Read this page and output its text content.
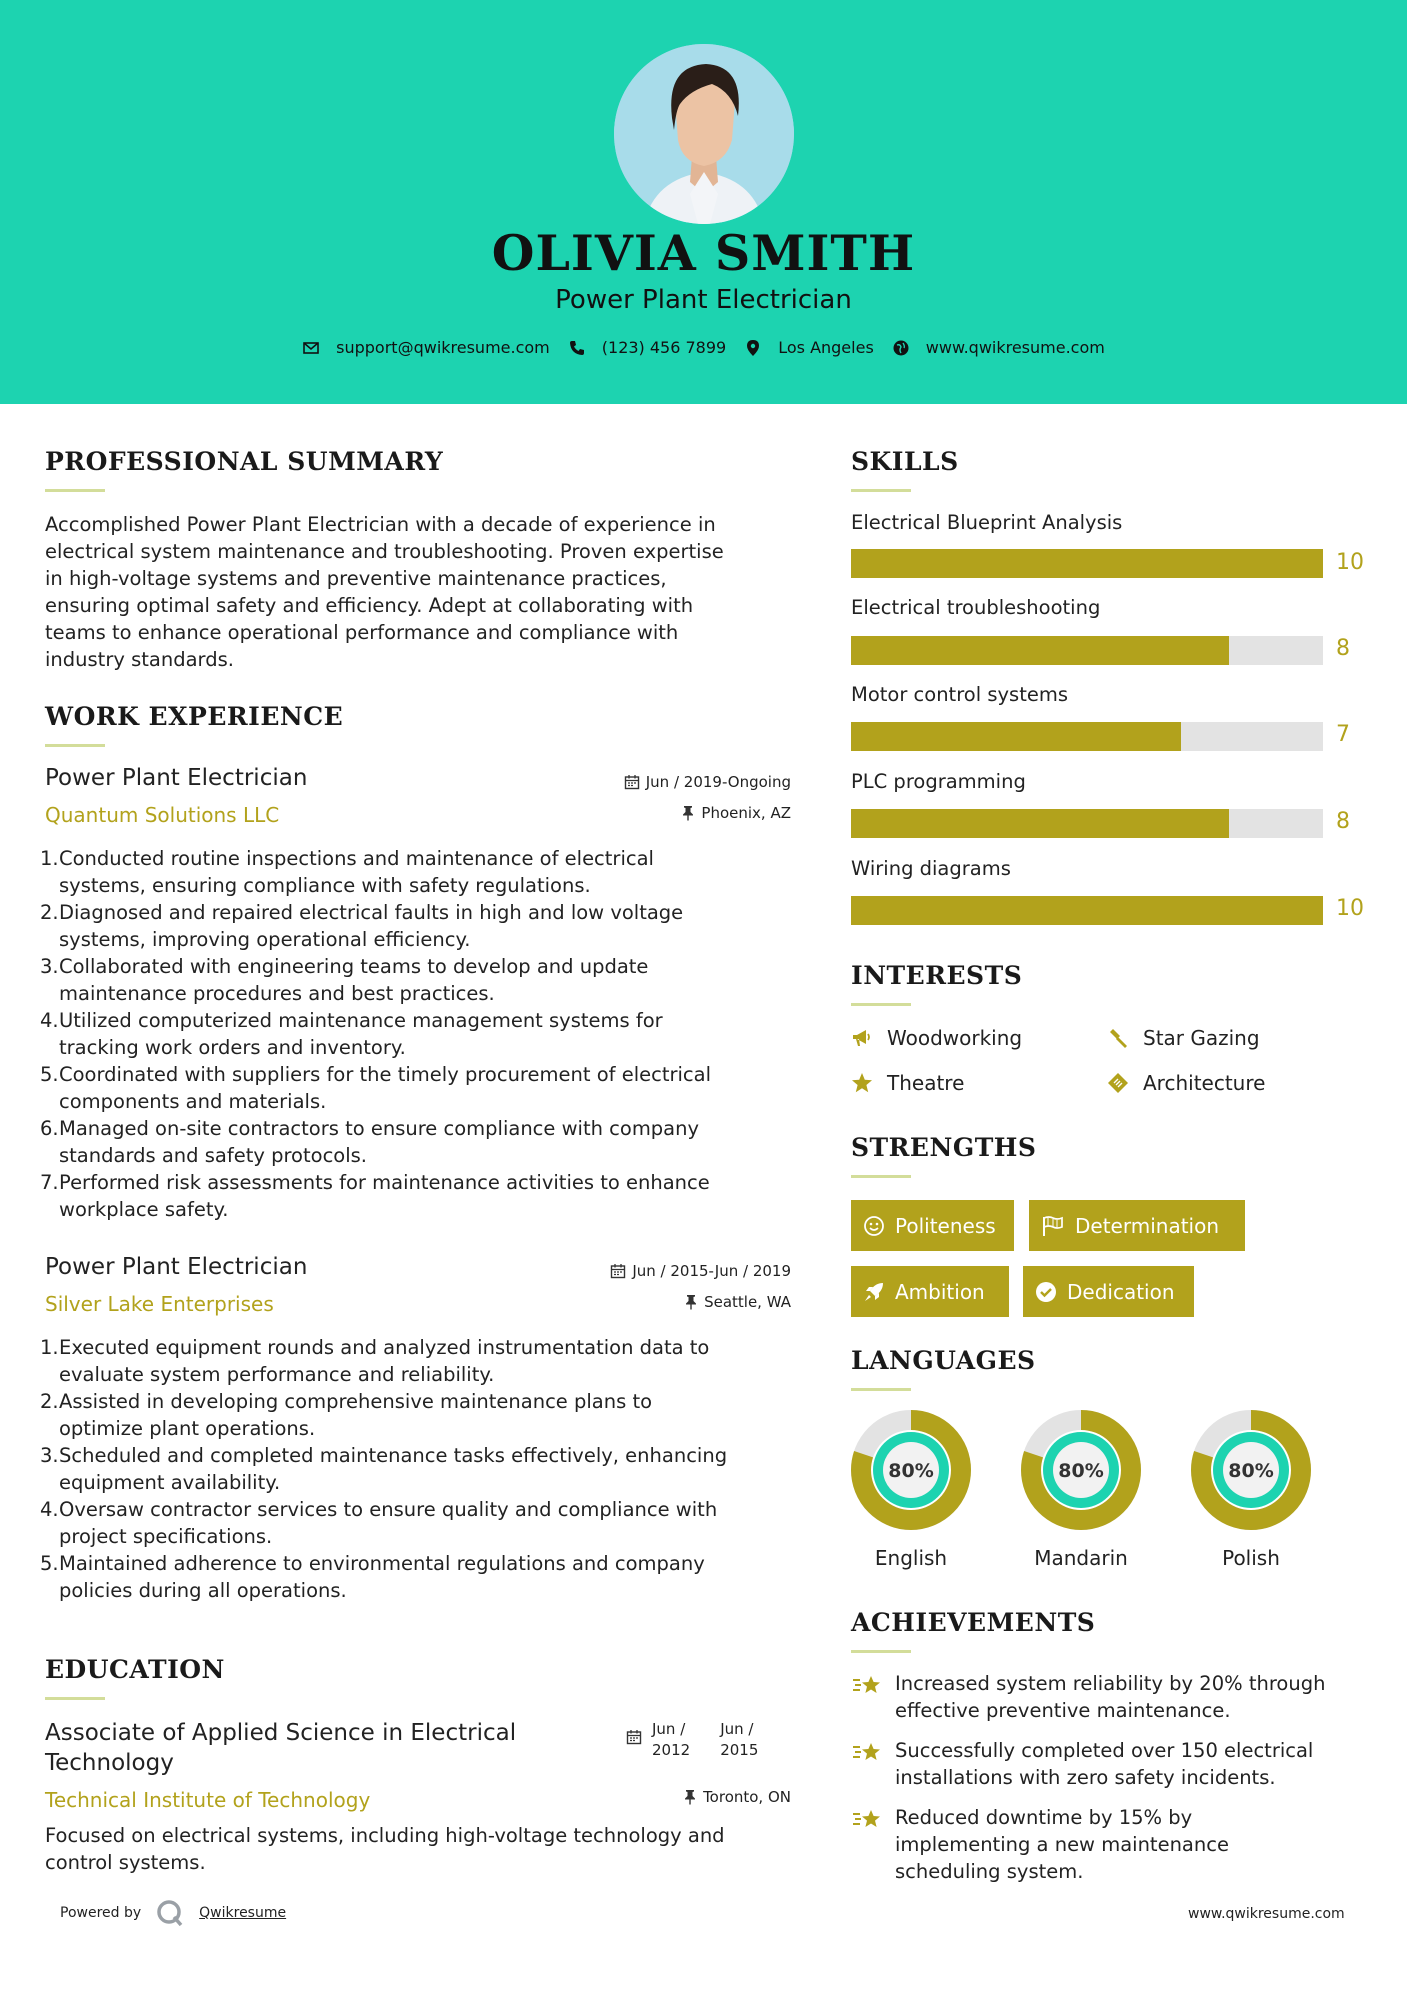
OLIVIA SMITH
Power Plant Electrician
support@qwikresume.com	(123) 456 7899	Los Angeles	www.qwikresume.com
PROFESSIONAL SUMMARY
Accomplished Power Plant Electrician with a decade of experience in
electrical system maintenance and troubleshooting. Proven expertise
in high-voltage systems and preventive maintenance practices,
ensuring optimal safety and efficiency. Adept at collaborating with
teams to enhance operational performance and compliance with
industry standards.
WORK EXPERIENCE
Power Plant Electrician
Quantum Solutions LLC
Jun / 2019-Ongoing
Phoenix, AZ
1. Conducted routine inspections and maintenance of electrical
systems, ensuring compliance with safety regulations.
2. Diagnosed and repaired electrical faults in high and low voltage
systems, improving operational efficiency.
3. Collaborated with engineering teams to develop and update
maintenance procedures and best practices.
4. Utilized computerized maintenance management systems for
tracking work orders and inventory.
5. Coordinated with suppliers for the timely procurement of electrical
components and materials.
6. Managed on-site contractors to ensure compliance with company
standards and safety protocols.
7. Performed risk assessments for maintenance activities to enhance
workplace safety.
Power Plant Electrician
Silver Lake Enterprises
Jun / 2015-Jun / 2019
Seattle, WA
1. Executed equipment rounds and analyzed instrumentation data to
evaluate system performance and reliability.
2. Assisted in developing comprehensive maintenance plans to
optimize plant operations.
3. Scheduled and completed maintenance tasks effectively, enhancing
equipment availability.
4. Oversaw contractor services to ensure quality and compliance with
project specifications.
5. Maintained adherence to environmental regulations and company
policies during all operations.
EDUCATION
Associate of Applied Science in Electrical
Technology
Jun /
2012
Jun /
2015
Technical Institute of Technology	Toronto, ON
Focused on electrical systems, including high-voltage technology and
control systems.
SKILLS
Electrical Blueprint Analysis
10
Electrical troubleshooting
8
Motor control systems
7
PLC programming
8
Wiring diagrams
10
INTERESTS
Woodworking	Star Gazing
Theatre	Architecture
STRENGTHS
Politeness	Determination
Ambition	Dedication
LANGUAGES
80%	80%	80%
English	Mandarin	Polish
ACHIEVEMENTS
Increased system reliability by 20% through
effective preventive maintenance.
Successfully completed over 150 electrical
installations with zero safety incidents.
Reduced downtime by 15% by
implementing a new maintenance
scheduling system.
Powered by	Qwikresume	www.qwikresume.com
